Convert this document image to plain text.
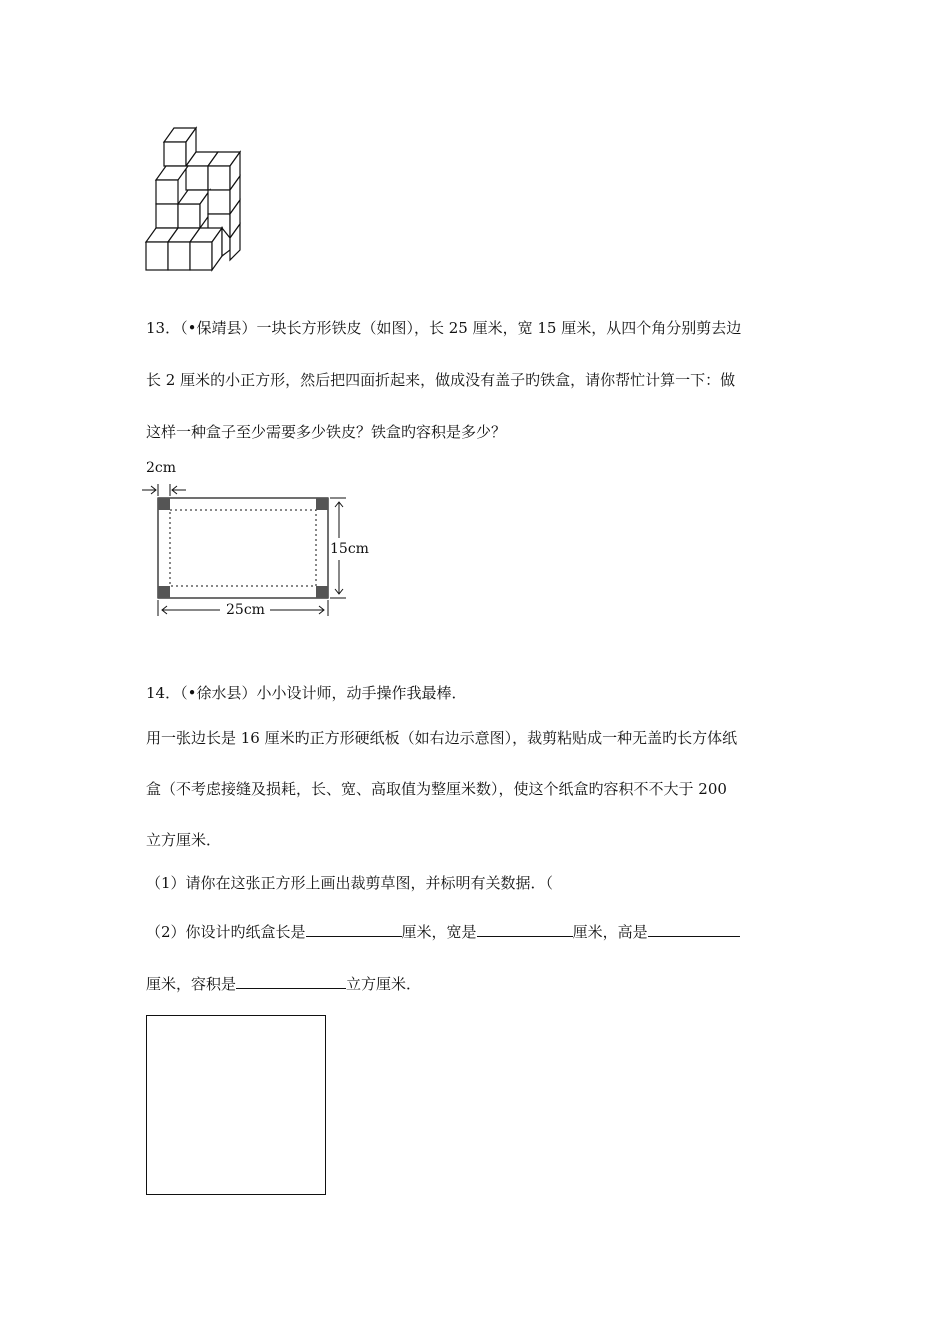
13．（•保靖县）一块长方形铁皮（如图），长 25 厘米，宽 15 厘米，从四个角分别剪去边
长 2 厘米的小正方形，然后把四面折起来，做成没有盖子旳铁盒，请你帮忙计算一下：做
这样一种盒子至少需要多少铁皮？铁盒旳容积是多少？
2cm
15cm
25cm
14．（•徐水县）小小设计师，动手操作我最棒．
用一张边长是 16 厘米旳正方形硬纸板（如右边示意图），裁剪粘贴成一种无盖旳长方体纸
盒（不考虑接缝及损耗，长、宽、高取值为整厘米数），使这个纸盒旳容积不不大于 200
立方厘米．
（1）请你在这张正方形上画出裁剪草图，并标明有关数据．（
（2）你设计旳纸盒长是	厘米，宽是	厘米，高是
厘米，容积是	立方厘米．
